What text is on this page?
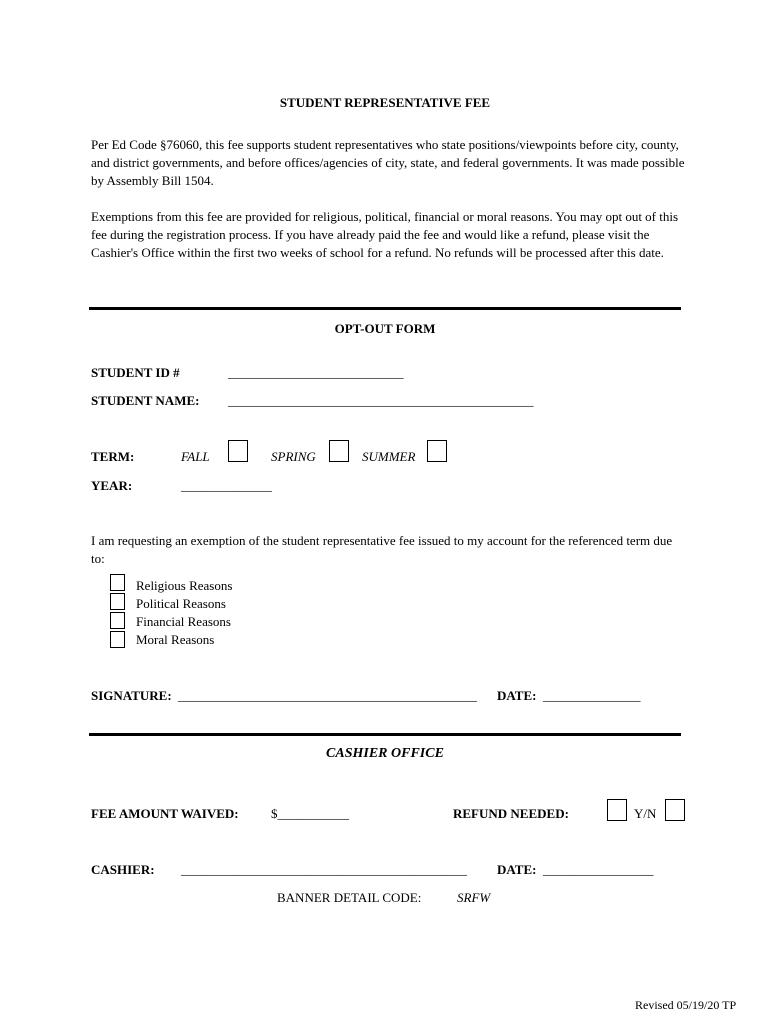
STUDENT REPRESENTATIVE FEE
Per Ed Code §76060, this fee supports student representatives who state positions/viewpoints before city, county, and district governments, and before offices/agencies of city, state, and federal governments. It was made possible by Assembly Bill 1504.
Exemptions from this fee are provided for religious, political, financial or moral reasons. You may opt out of this fee during the registration process. If you have already paid the fee and would like a refund, please visit the Cashier's Office within the first two weeks of school for a refund. No refunds will be processed after this date.
OPT-OUT FORM
STUDENT ID #	___________________________
STUDENT NAME: _______________________________________________
TERM:	FALL	SPRING	SUMMER
YEAR:	______________
I am requesting an exemption of the student representative fee issued to my account for the referenced term due to:
Religious Reasons
Political Reasons
Financial Reasons
Moral Reasons
SIGNATURE: ______________________________________________ DATE: _______________
CASHIER OFFICE
FEE AMOUNT WAIVED: $___________	REFUND NEEDED:	Y/N
CASHIER: ____________________________________________ DATE: _________________
BANNER DETAIL CODE:	SRFW
Revised 05/19/20 TP
